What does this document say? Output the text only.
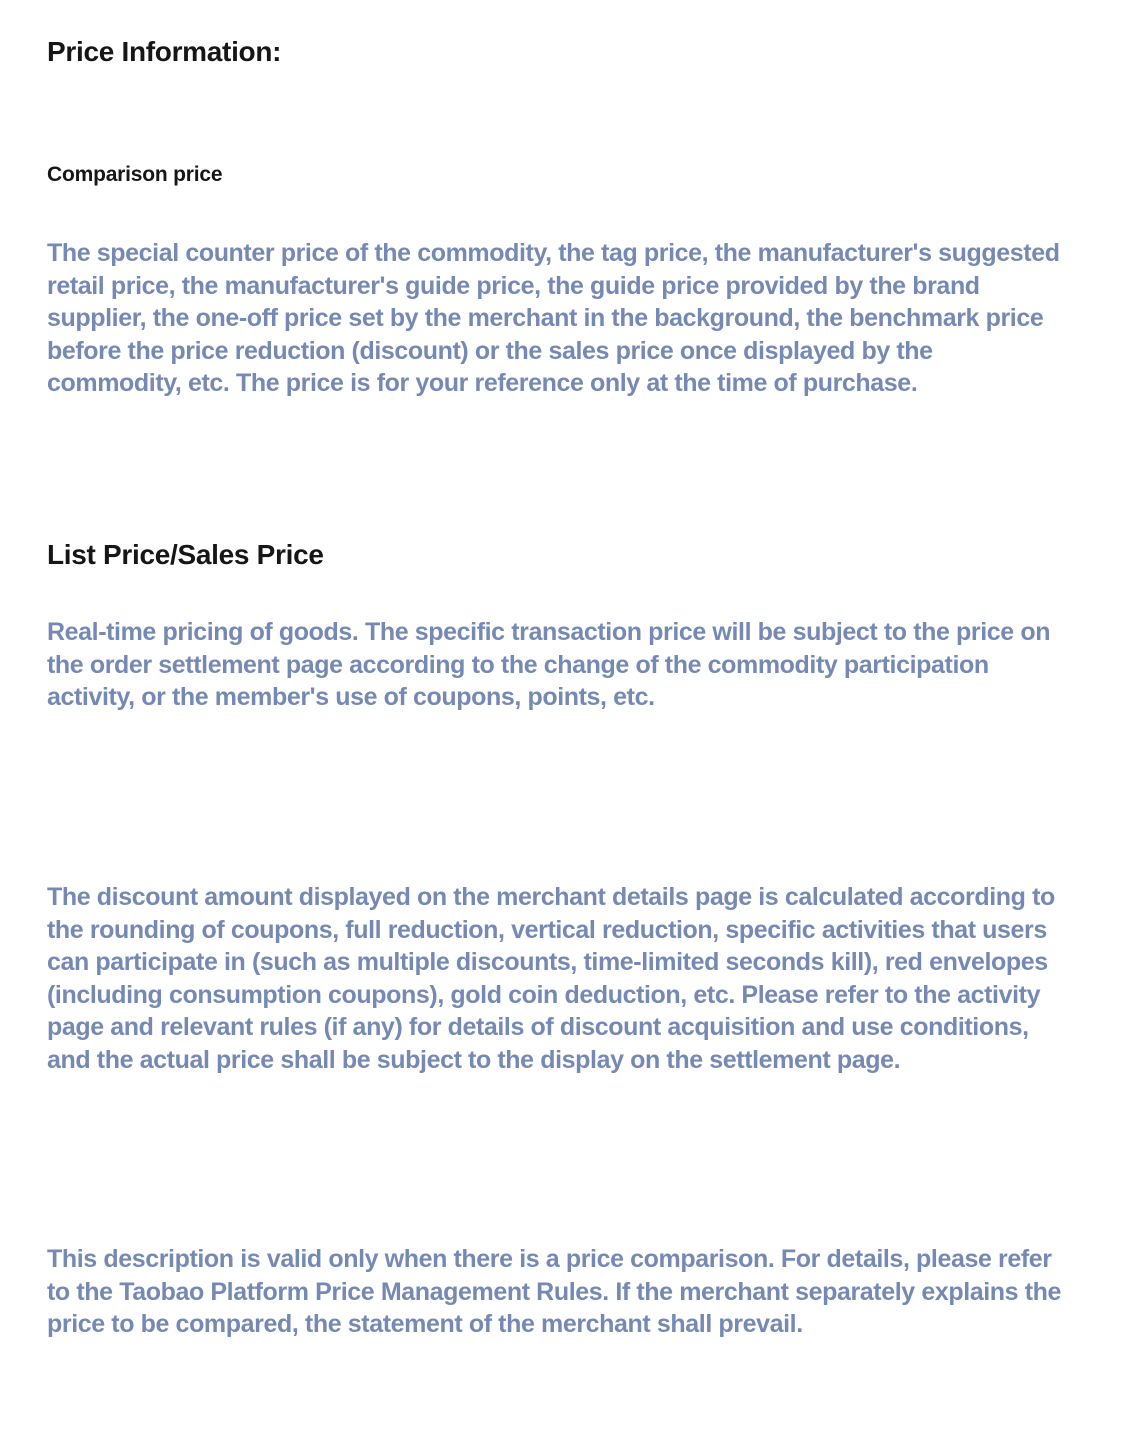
Price Information:
Comparison price

The special counter price of the commodity, the tag price, the manufacturer's suggested retail price, the manufacturer's guide price, the guide price provided by the brand supplier, the one-off price set by the merchant in the background, the benchmark price before the price reduction (discount) or the sales price once displayed by the commodity, etc. The price is for your reference only at the time of purchase.

List Price/Sales Price

Real-time pricing of goods. The specific transaction price will be subject to the price on the order settlement page according to the change of the commodity participation activity, or the member's use of coupons, points, etc.

The discount amount displayed on the merchant details page is calculated according to the rounding of coupons, full reduction, vertical reduction, specific activities that users can participate in (such as multiple discounts, time-limited seconds kill), red envelopes (including consumption coupons), gold coin deduction, etc. Please refer to the activity page and relevant rules (if any) for details of discount acquisition and use conditions, and the actual price shall be subject to the display on the settlement page.

This description is valid only when there is a price comparison. For details, please refer to the Taobao Platform Price Management Rules. If the merchant separately explains the price to be compared, the statement of the merchant shall prevail.
